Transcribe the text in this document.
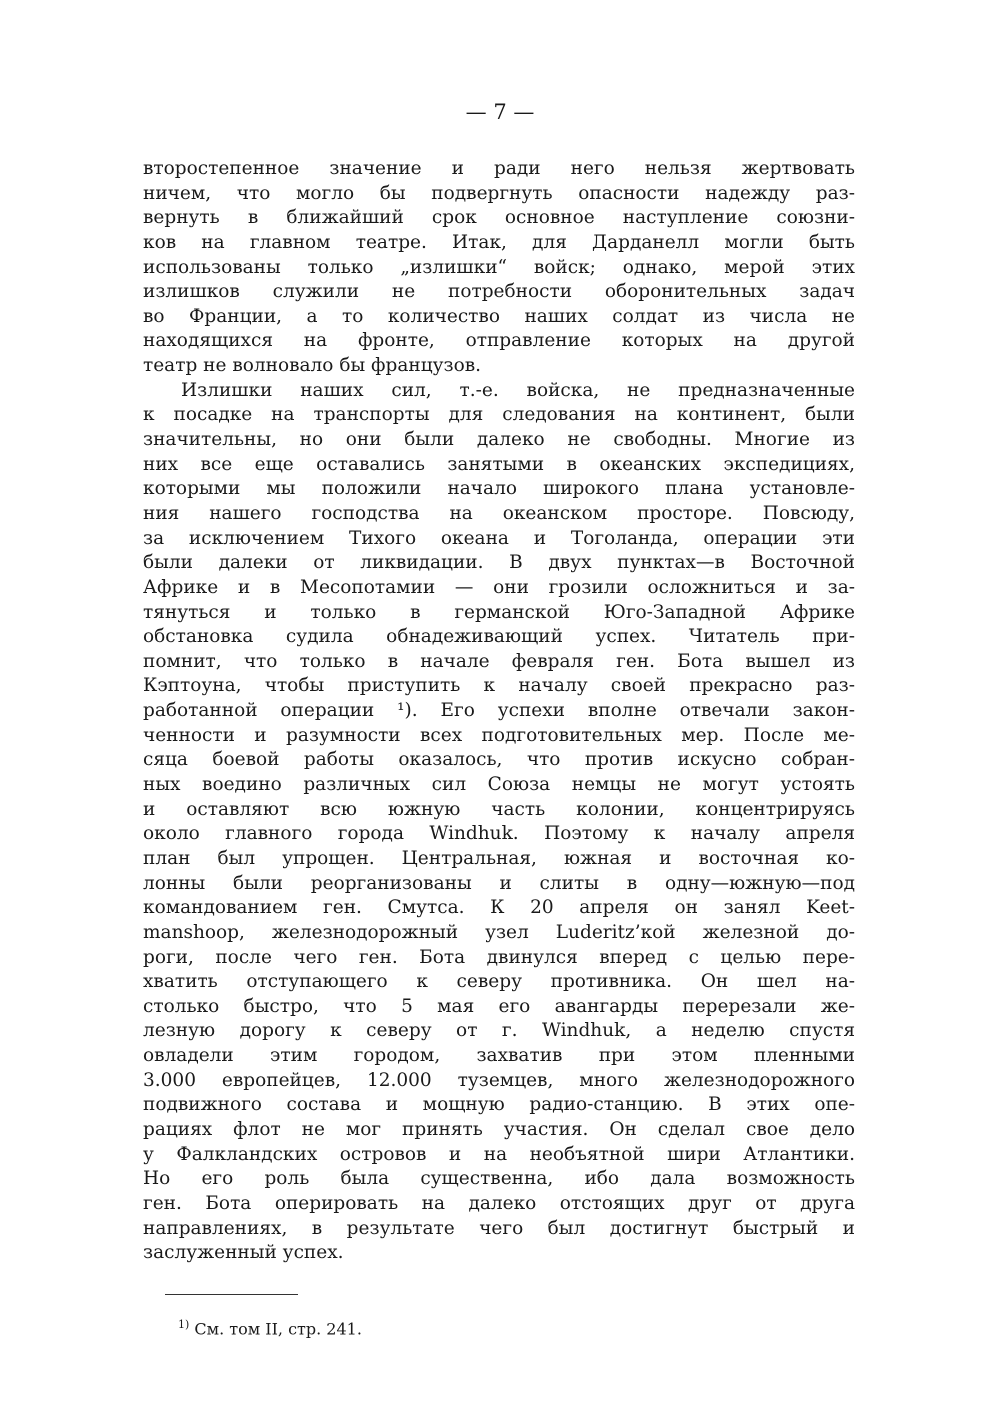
— 7 —
второстепенное значение и ради него нельзя жертвовать
ничем, что могло бы подвергнуть опасности надежду раз-
вернуть в ближайший срок основное наступление союзни-
ков на главном театре. Итак, для Дарданелл могли быть
использованы только „излишки“ войск; однако, мерой этих
излишков служили не потребности оборонительных задач
во Франции, а то количество наших солдат из числа не
находящихся на фронте, отправление которых на другой
театр не волновало бы французов.
Излишки наших сил, т.-е. войска, не предназначенные
к посадке на транспорты для следования на континент, были
значительны, но они были далеко не свободны. Многие из
них все еще оставались занятыми в океанских экспедициях,
которыми мы положили начало широкого плана установле-
ния нашего господства на океанском просторе. Повсюду,
за исключением Тихого океана и Тоголанда, операции эти
были далеки от ликвидации. В двух пунктах—в Восточной
Африке и в Месопотамии — они грозили осложниться и за-
тянуться и только в германской Юго-Западной Африке
обстановка судила обнадеживающий успех. Читатель при-
помнит, что только в начале февраля ген. Бота вышел из
Кэптоуна, чтобы приступить к началу своей прекрасно раз-
работанной операции ¹). Его успехи вполне отвечали закон-
ченности и разумности всех подготовительных мер. После ме-
сяца боевой работы оказалось, что против искусно собран-
ных воедино различных сил Союза немцы не могут устоять
и оставляют всю южную часть колонии, концентрируясь
около главного города Windhuk. Поэтому к началу апреля
план был упрощен. Центральная, южная и восточная ко-
лонны были реорганизованы и слиты в одну—южную—под
командованием ген. Смутса. К 20 апреля он занял Keet-
manshoop, железнодорожный узел Luderitz’кой железной до-
роги, после чего ген. Бота двинулся вперед с целью пере-
хватить отступающего к северу противника. Он шел на-
столько быстро, что 5 мая его авангарды перерезали же-
лезную дорогу к северу от г. Windhuk, а неделю спустя
овладели этим городом, захватив при этом пленными
3.000 европейцев, 12.000 туземцев, много железнодорожного
подвижного состава и мощную радио-станцию. В этих опе-
рациях флот не мог принять участия. Он сделал свое дело
у Фалкландских островов и на необъятной шири Атлантики.
Но его роль была существенна, ибо дала возможность
ген. Бота оперировать на далеко отстоящих друг от друга
направлениях, в результате чего был достигнут быстрый и
заслуженный успех.
$^{1)}$ См. том II, стр. 241.
